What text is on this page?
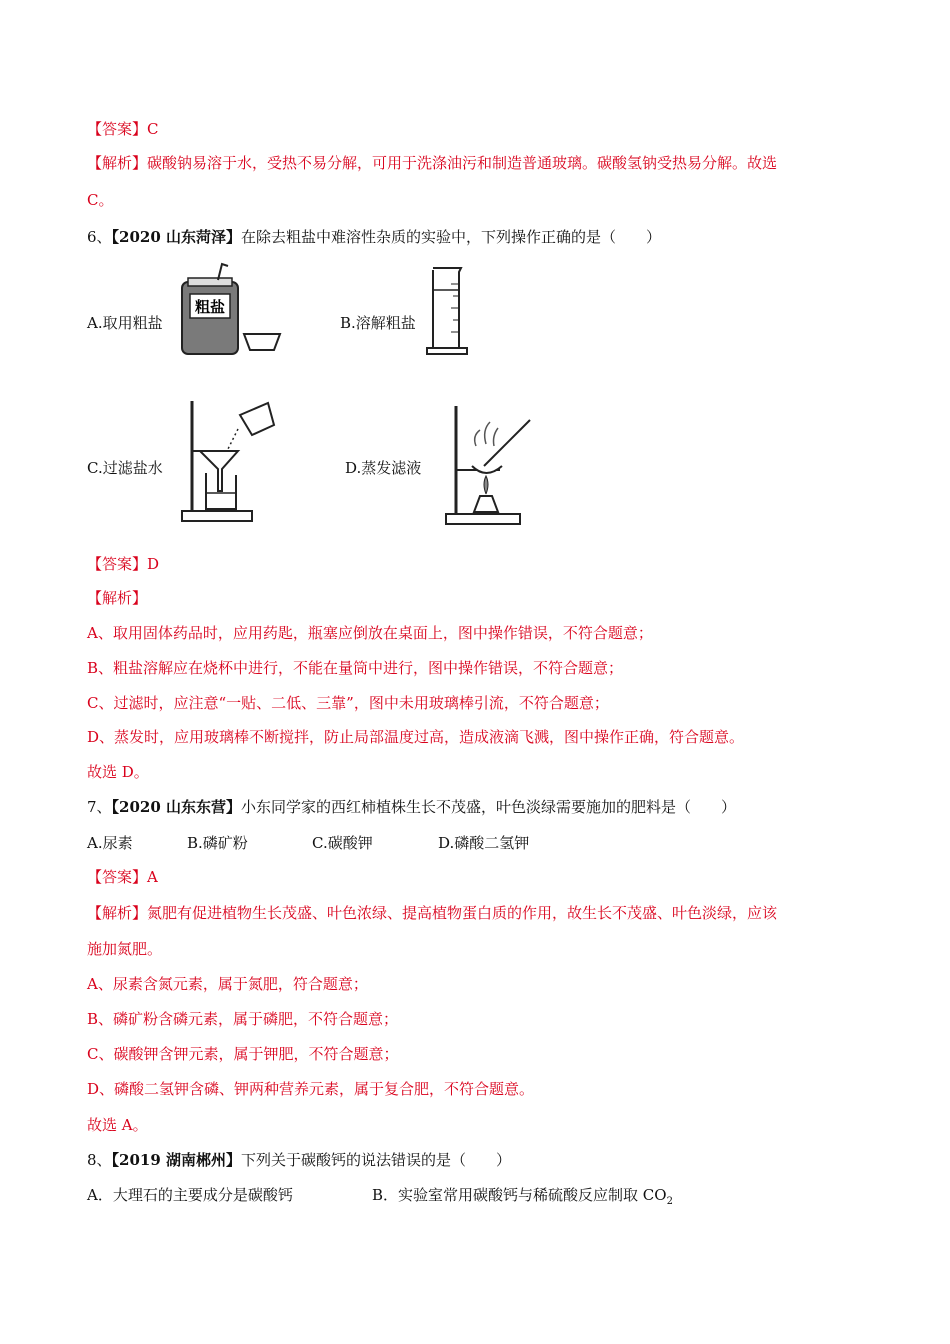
【答案】C
【解析】碳酸钠易溶于水，受热不易分解，可用于洗涤油污和制造普通玻璃。碳酸氢钠受热易分解。故选
C。
6、【2020 山东菏泽】在除去粗盐中难溶性杂质的实验中，下列操作正确的是（　　）
A.取用粗盐	B.溶解粗盐
C.过滤盐水	D.蒸发滤液
粗盐
【答案】D
【解析】
A、取用固体药品时，应用药匙，瓶塞应倒放在桌面上，图中操作错误，不符合题意；
B、粗盐溶解应在烧杯中进行，不能在量筒中进行，图中操作错误，不符合题意；
C、过滤时，应注意“一贴、二低、三靠”，图中未用玻璃棒引流，不符合题意；
D、蒸发时，应用玻璃棒不断搅拌，防止局部温度过高，造成液滴飞溅，图中操作正确，符合题意。
故选 D。
7、【2020 山东东营】小东同学家的西红柿植株生长不茂盛，叶色淡绿需要施加的肥料是（　　）
A.尿素	B.磷矿粉	C.碳酸钾	D.磷酸二氢钾
【答案】A
【解析】氮肥有促进植物生长茂盛、叶色浓绿、提高植物蛋白质的作用，故生长不茂盛、叶色淡绿，应该
施加氮肥。
A、尿素含氮元素，属于氮肥，符合题意；
B、磷矿粉含磷元素，属于磷肥，不符合题意；
C、碳酸钾含钾元素，属于钾肥，不符合题意；
D、磷酸二氢钾含磷、钾两种营养元素，属于复合肥，不符合题意。
故选 A。
8、【2019 湖南郴州】下列关于碳酸钙的说法错误的是（　　）
A．大理石的主要成分是碳酸钙	B．实验室常用碳酸钙与稀硫酸反应制取 $CO_2$
